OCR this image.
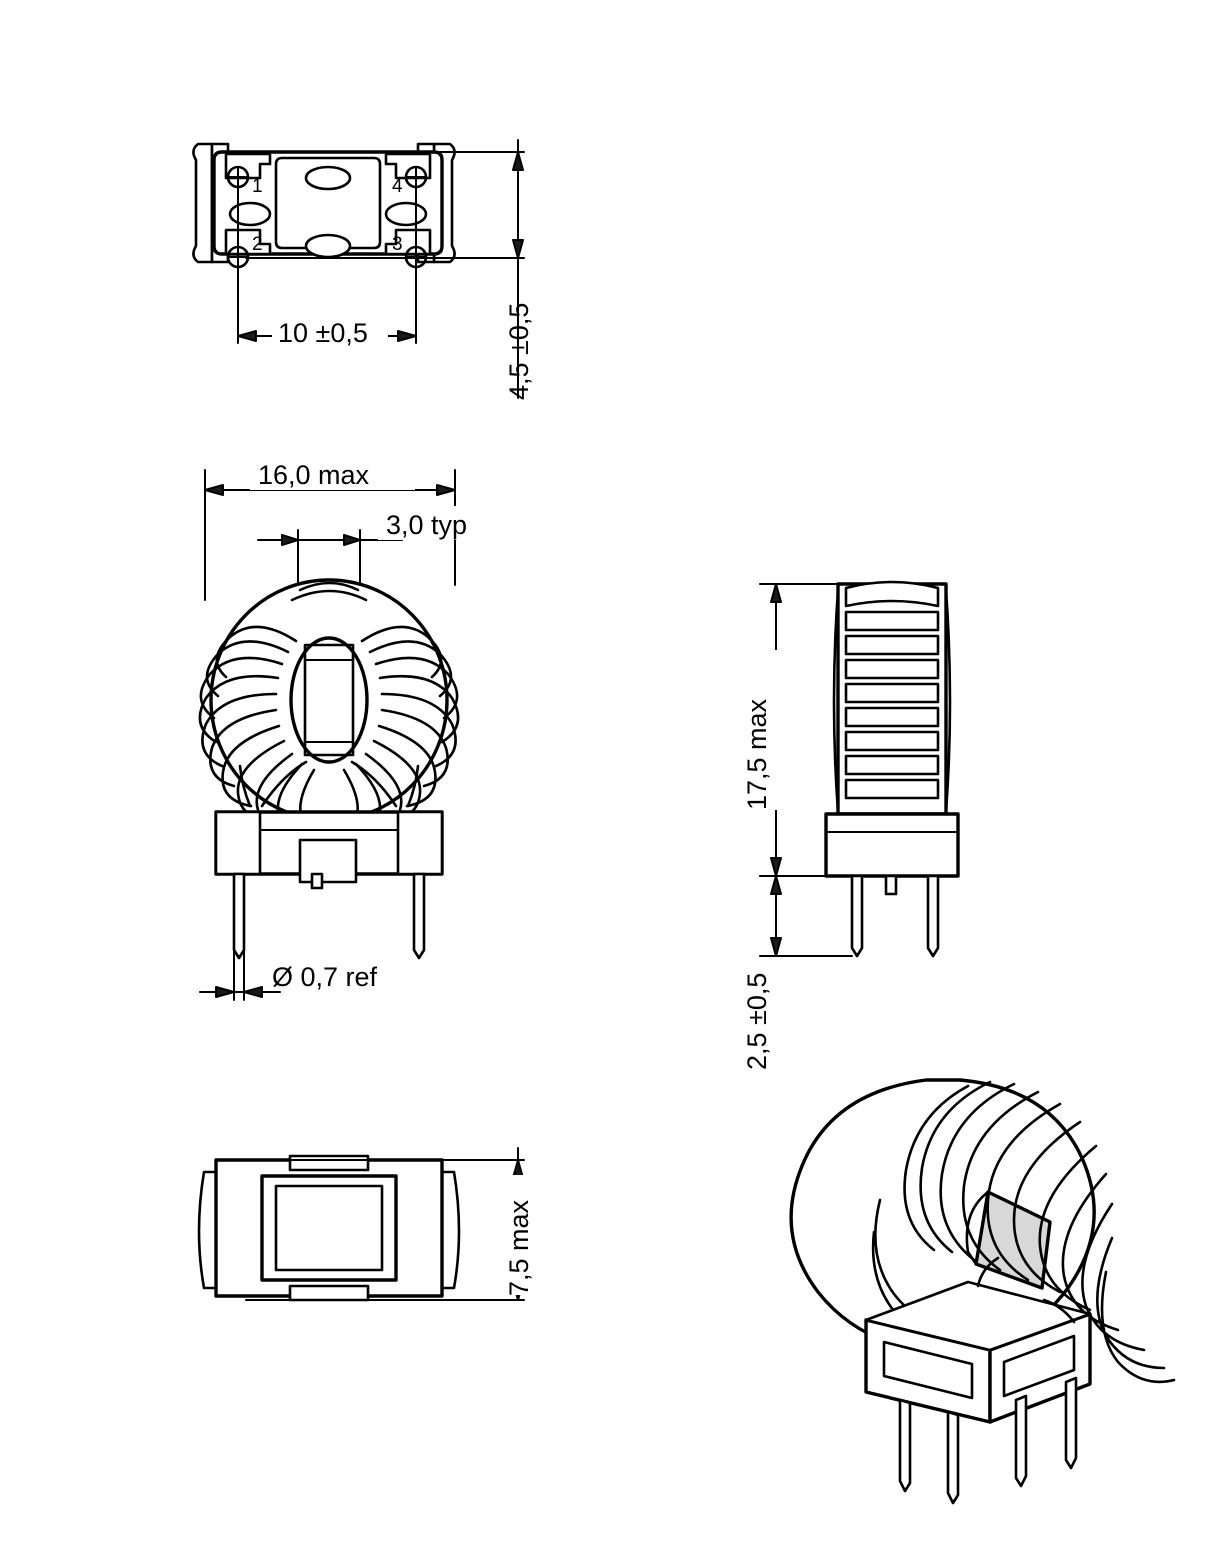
1
2	3
4
10 ±0,5	4,5 ±0,5
16,0 max
3,0 typ
Ø 0,7 ref
17,5 max
2,5 ±0,5
7,5 max
